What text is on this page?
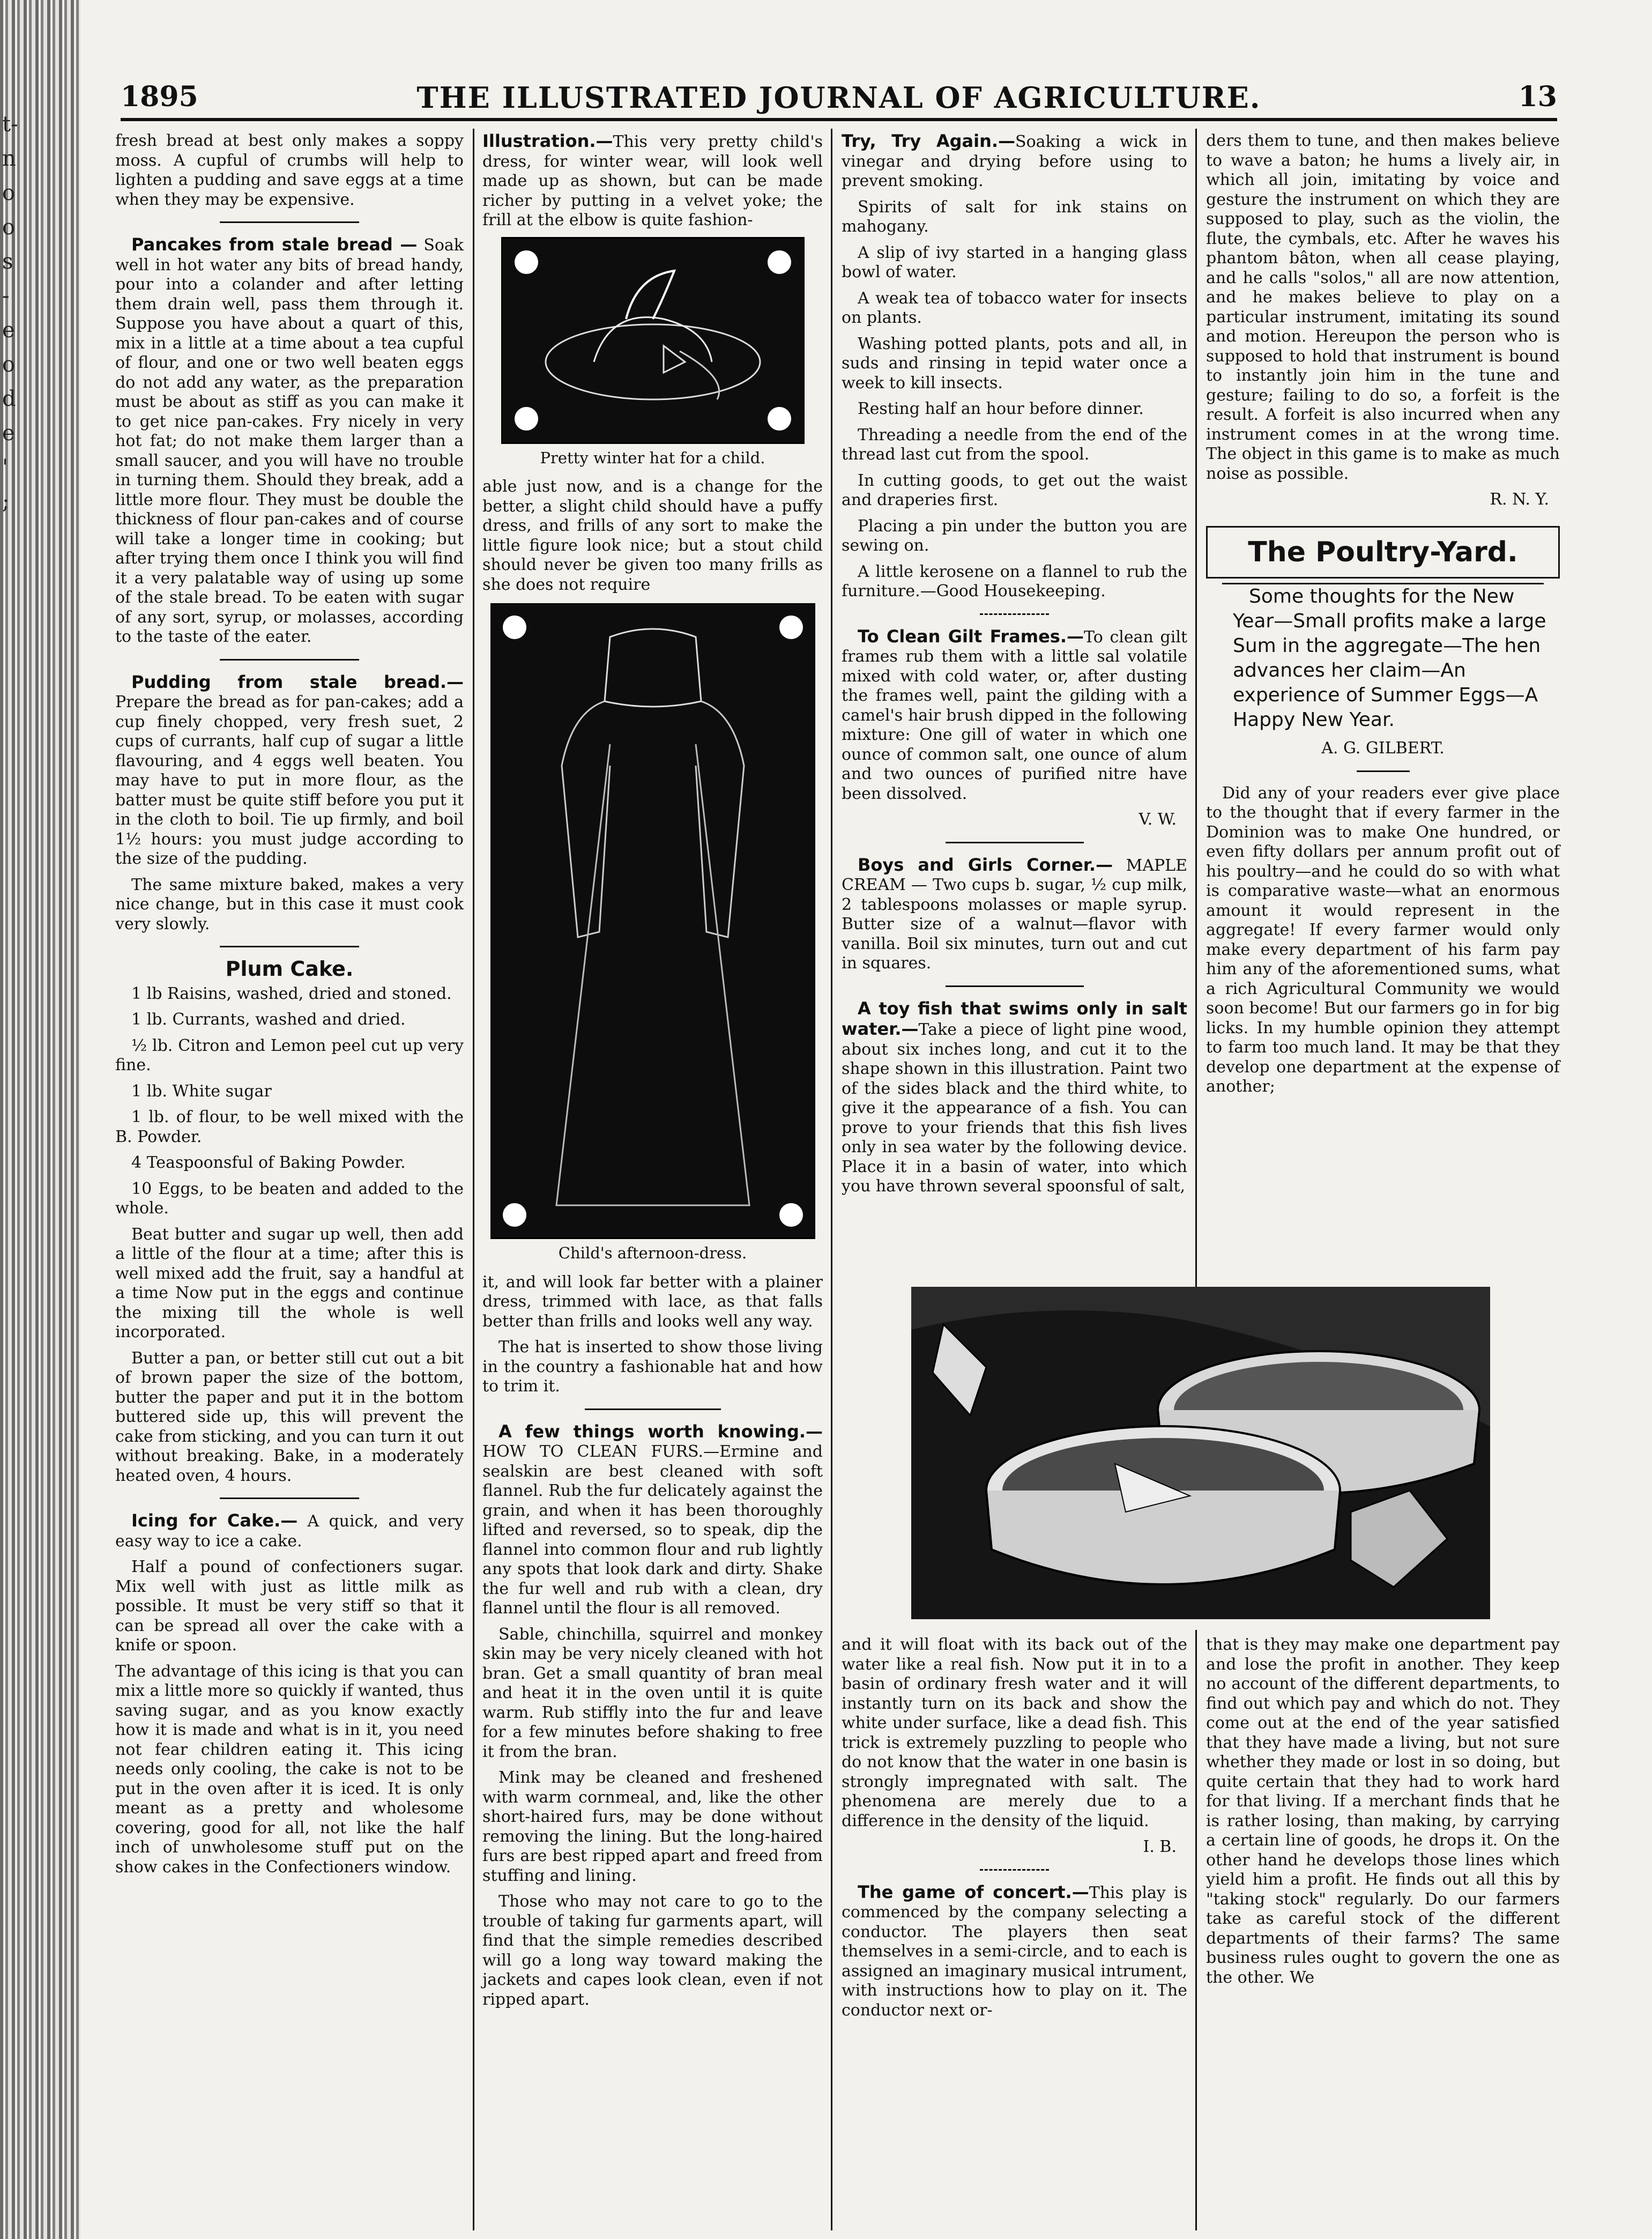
t-
n
o
o
s
-
e
o
d
e
'
;
1895	THE ILLUSTRATED JOURNAL OF AGRICULTURE.	13

fresh bread at best only makes a soppy moss. A cupful of crumbs will help to lighten a pudding and save eggs at a time when they may be expensive.

Pancakes from stale bread — Soak well in hot water any bits of bread handy, pour into a colander and after letting them drain well, pass them through it. Suppose you have about a quart of this, mix in a little at a time about a tea cupful of flour, and one or two well beaten eggs do not add any water, as the preparation must be about as stiff as you can make it to get nice pan-cakes. Fry nicely in very hot fat; do not make them larger than a small saucer, and you will have no trouble in turning them. Should they break, add a little more flour. They must be double the thickness of flour pan-cakes and of course will take a longer time in cooking; but after trying them once I think you will find it a very palatable way of using up some of the stale bread. To be eaten with sugar of any sort, syrup, or molasses, according to the taste of the eater.

Pudding from stale bread.— Prepare the bread as for pan-cakes; add a cup finely chopped, very fresh suet, 2 cups of currants, half cup of sugar a little flavouring, and 4 eggs well beaten. You may have to put in more flour, as the batter must be quite stiff before you put it in the cloth to boil. Tie up firmly, and boil 1½ hours: you must judge according to the size of the pudding.

The same mixture baked, makes a very nice change, but in this case it must cook very slowly.

Plum Cake.

1 lb Raisins, washed, dried and stoned.

1 lb. Currants, washed and dried.

½ lb. Citron and Lemon peel cut up very fine.

1 lb. White sugar

1 lb. of flour, to be well mixed with the B. Powder.

4 Teaspoonsful of Baking Powder.

10 Eggs, to be beaten and added to the whole.

Beat butter and sugar up well, then add a little of the flour at a time; after this is well mixed add the fruit, say a handful at a time Now put in the eggs and continue the mixing till the whole is well incorporated.

Butter a pan, or better still cut out a bit of brown paper the size of the bottom, butter the paper and put it in the bottom buttered side up, this will prevent the cake from sticking, and you can turn it out without breaking. Bake, in a moderately heated oven, 4 hours.

Icing for Cake.— A quick, and very easy way to ice a cake.

Half a pound of confectioners sugar. Mix well with just as little milk as possible. It must be very stiff so that it can be spread all over the cake with a knife or spoon.

The advantage of this icing is that you can mix a little more so quickly if wanted, thus saving sugar, and as you know exactly how it is made and what is in it, you need not fear children eating it. This icing needs only cooling, the cake is not to be put in the oven after it is iced. It is only meant as a pretty and wholesome covering, good for all, not like the half inch of unwholesome stuff put on the show cakes in the Confectioners window.

Illustration.—This very pretty child's dress, for winter wear, will look well made up as shown, but can be made richer by putting in a velvet yoke; the frill at the elbow is quite fashion-

Pretty winter hat for a child.

able just now, and is a change for the better, a slight child should have a puffy dress, and frills of any sort to make the little figure look nice; but a stout child should never be given too many frills as she does not require

Child's afternoon-dress.

it, and will look far better with a plainer dress, trimmed with lace, as that falls better than frills and looks well any way.

The hat is inserted to show those living in the country a fashionable hat and how to trim it.

A few things worth knowing.—HOW TO CLEAN FURS.—Ermine and sealskin are best cleaned with soft flannel. Rub the fur delicately against the grain, and when it has been thoroughly lifted and reversed, so to speak, dip the flannel into common flour and rub lightly any spots that look dark and dirty. Shake the fur well and rub with a clean, dry flannel until the flour is all removed.

Sable, chinchilla, squirrel and monkey skin may be very nicely cleaned with hot bran. Get a small quantity of bran meal and heat it in the oven until it is quite warm. Rub stiffly into the fur and leave for a few minutes before shaking to free it from the bran.

Mink may be cleaned and freshened with warm cornmeal, and, like the other short-haired furs, may be done without removing the lining. But the long-haired furs are best ripped apart and freed from stuffing and lining.

Those who may not care to go to the trouble of taking fur garments apart, will find that the simple remedies described will go a long way toward making the jackets and capes look clean, even if not ripped apart.

Try, Try Again.—Soaking a wick in vinegar and drying before using to prevent smoking.

Spirits of salt for ink stains on mahogany.

A slip of ivy started in a hanging glass bowl of water.

A weak tea of tobacco water for insects on plants.

Washing potted plants, pots and all, in suds and rinsing in tepid water once a week to kill insects.

Resting half an hour before dinner.

Threading a needle from the end of the thread last cut from the spool.

In cutting goods, to get out the waist and draperies first.

Placing a pin under the button you are sewing on.

A little kerosene on a flannel to rub the furniture.—Good Housekeeping.

To Clean Gilt Frames.—To clean gilt frames rub them with a little sal volatile mixed with cold water, or, after dusting the frames well, paint the gilding with a camel's hair brush dipped in the following mixture: One gill of water in which one ounce of common salt, one ounce of alum and two ounces of purified nitre have been dissolved.

V. W.

Boys and Girls Corner.— MAPLE CREAM — Two cups b. sugar, ½ cup milk, 2 tablespoons molasses or maple syrup. Butter size of a walnut—flavor with vanilla. Boil six minutes, turn out and cut in squares.

A toy fish that swims only in salt water.—Take a piece of light pine wood, about six inches long, and cut it to the shape shown in this illustration. Paint two of the sides black and the third white, to give it the appearance of a fish. You can prove to your friends that this fish lives only in sea water by the following device. Place it in a basin of water, into which you have thrown several spoonsful of salt,

ders them to tune, and then makes believe to wave a baton; he hums a lively air, in which all join, imitating by voice and gesture the instrument on which they are supposed to play, such as the violin, the flute, the cymbals, etc. After he waves his phantom bâton, when all cease playing, and he calls "solos," all are now attention, and he makes believe to play on a particular instrument, imitating its sound and motion. Hereupon the person who is supposed to hold that instrument is bound to instantly join him in the tune and gesture; failing to do so, a forfeit is the result. A forfeit is also incurred when any instrument comes in at the wrong time. The object in this game is to make as much noise as possible.

R. N. Y.
The Poultry-Yard.

Some thoughts for the New Year—Small profits make a large Sum in the aggregate—The hen advances her claim—An experience of Summer Eggs—A Happy New Year.

A. G. GILBERT.

Did any of your readers ever give place to the thought that if every farmer in the Dominion was to make One hundred, or even fifty dollars per annum profit out of his poultry—and he could do so with what is comparative waste—what an enormous amount it would represent in the aggregate! If every farmer would only make every department of his farm pay him any of the aforementioned sums, what a rich Agricultural Community we would soon become! But our farmers go in for big licks. In my humble opinion they attempt to farm too much land. It may be that they develop one department at the expense of another;

and it will float with its back out of the water like a real fish. Now put it in to a basin of ordinary fresh water and it will instantly turn on its back and show the white under surface, like a dead fish. This trick is extremely puzzling to people who do not know that the water in one basin is strongly impregnated with salt. The phenomena are merely due to a difference in the density of the liquid.

I. B.

The game of concert.—This play is commenced by the company selecting a conductor. The players then seat themselves in a semi-circle, and to each is assigned an imaginary musical intrument, with instructions how to play on it. The conductor next or-

that is they may make one department pay and lose the profit in another. They keep no account of the different departments, to find out which pay and which do not. They come out at the end of the year satisfied that they have made a living, but not sure whether they made or lost in so doing, but quite certain that they had to work hard for that living. If a merchant finds that he is rather losing, than making, by carrying a certain line of goods, he drops it. On the other hand he develops those lines which yield him a profit. He finds out all this by "taking stock" regularly. Do our farmers take as careful stock of the different departments of their farms? The same business rules ought to govern the one as the other. We
